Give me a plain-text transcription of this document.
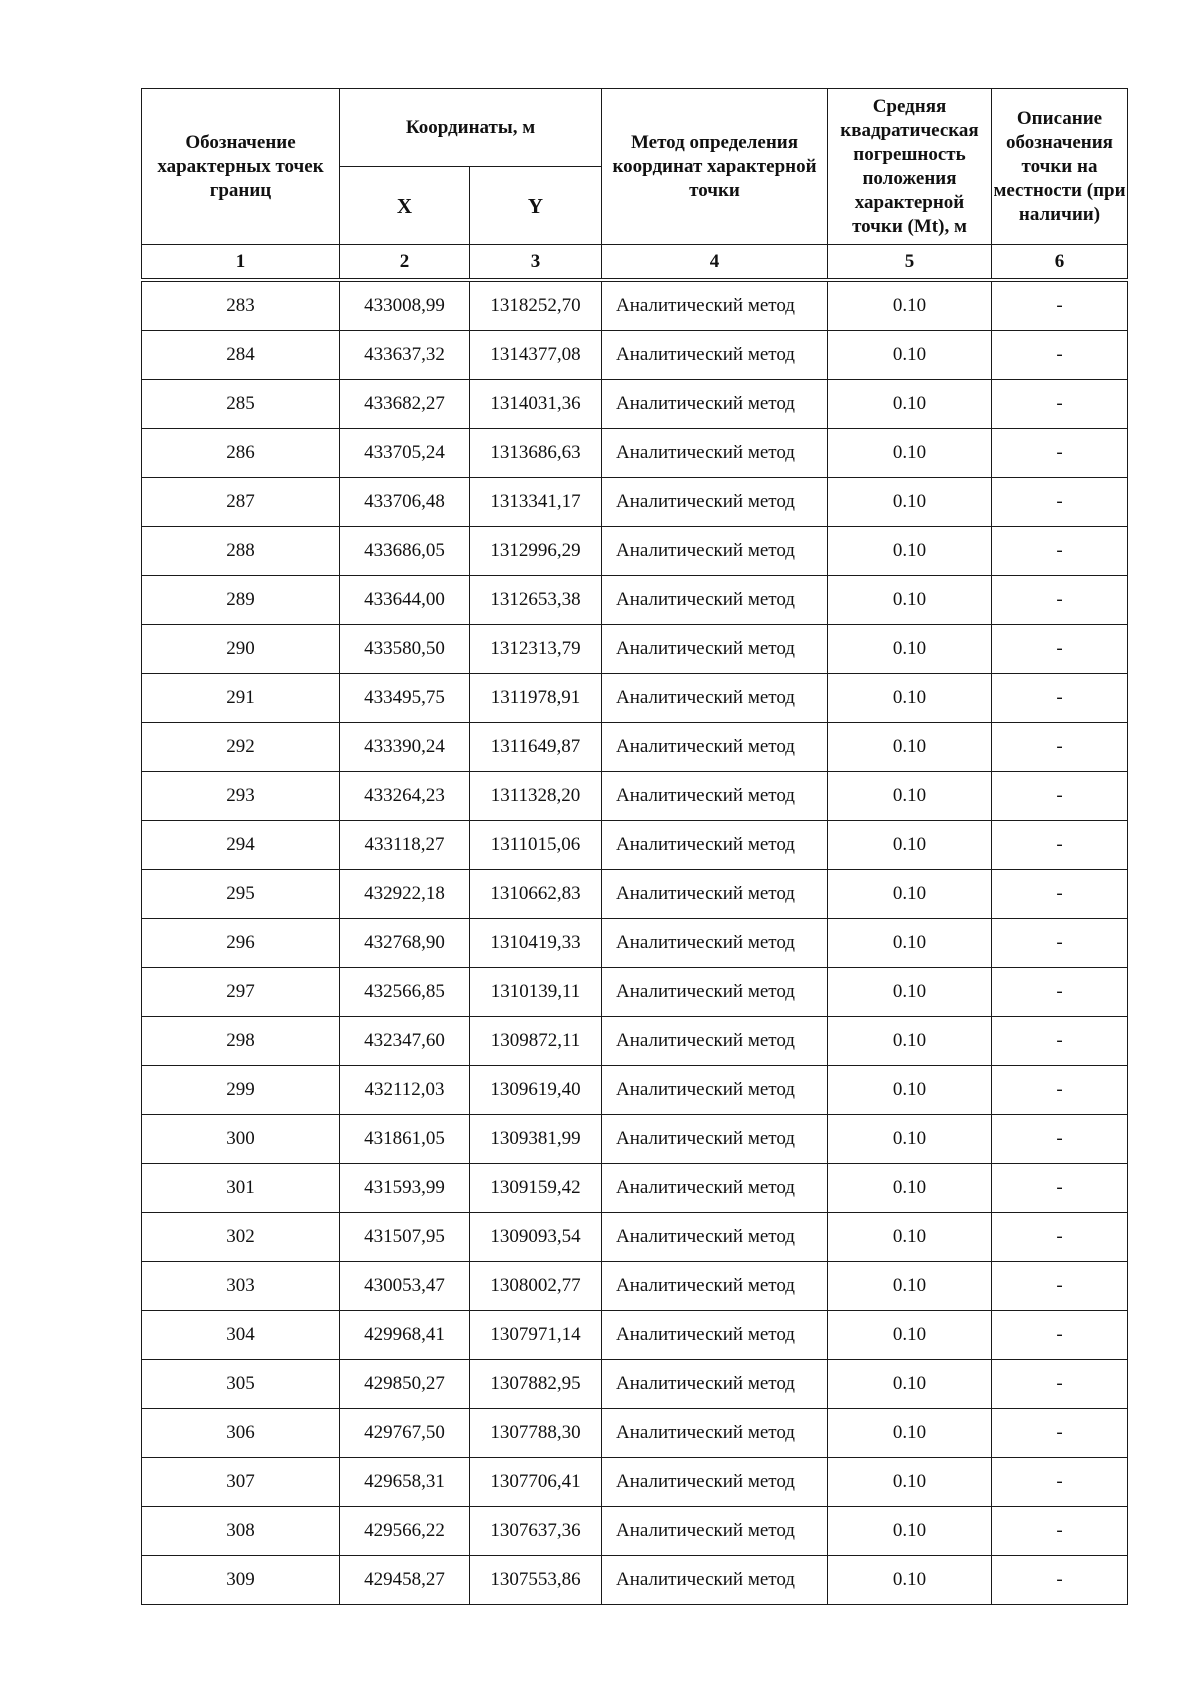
Обозначение характерных точек границ	Координаты, м		Метод определения координат характерной точки	Средняя квадратическая погрешность положения характерной точки (Mt), м	Описание обозначения точки на местности (при наличии)
	X	Y			
1	2	3	4	5	6
283	433008,99	1318252,70	Аналитический метод	0.10	-
284	433637,32	1314377,08	Аналитический метод	0.10	-
285	433682,27	1314031,36	Аналитический метод	0.10	-
286	433705,24	1313686,63	Аналитический метод	0.10	-
287	433706,48	1313341,17	Аналитический метод	0.10	-
288	433686,05	1312996,29	Аналитический метод	0.10	-
289	433644,00	1312653,38	Аналитический метод	0.10	-
290	433580,50	1312313,79	Аналитический метод	0.10	-
291	433495,75	1311978,91	Аналитический метод	0.10	-
292	433390,24	1311649,87	Аналитический метод	0.10	-
293	433264,23	1311328,20	Аналитический метод	0.10	-
294	433118,27	1311015,06	Аналитический метод	0.10	-
295	432922,18	1310662,83	Аналитический метод	0.10	-
296	432768,90	1310419,33	Аналитический метод	0.10	-
297	432566,85	1310139,11	Аналитический метод	0.10	-
298	432347,60	1309872,11	Аналитический метод	0.10	-
299	432112,03	1309619,40	Аналитический метод	0.10	-
300	431861,05	1309381,99	Аналитический метод	0.10	-
301	431593,99	1309159,42	Аналитический метод	0.10	-
302	431507,95	1309093,54	Аналитический метод	0.10	-
303	430053,47	1308002,77	Аналитический метод	0.10	-
304	429968,41	1307971,14	Аналитический метод	0.10	-
305	429850,27	1307882,95	Аналитический метод	0.10	-
306	429767,50	1307788,30	Аналитический метод	0.10	-
307	429658,31	1307706,41	Аналитический метод	0.10	-
308	429566,22	1307637,36	Аналитический метод	0.10	-
309	429458,27	1307553,86	Аналитический метод	0.10	-
